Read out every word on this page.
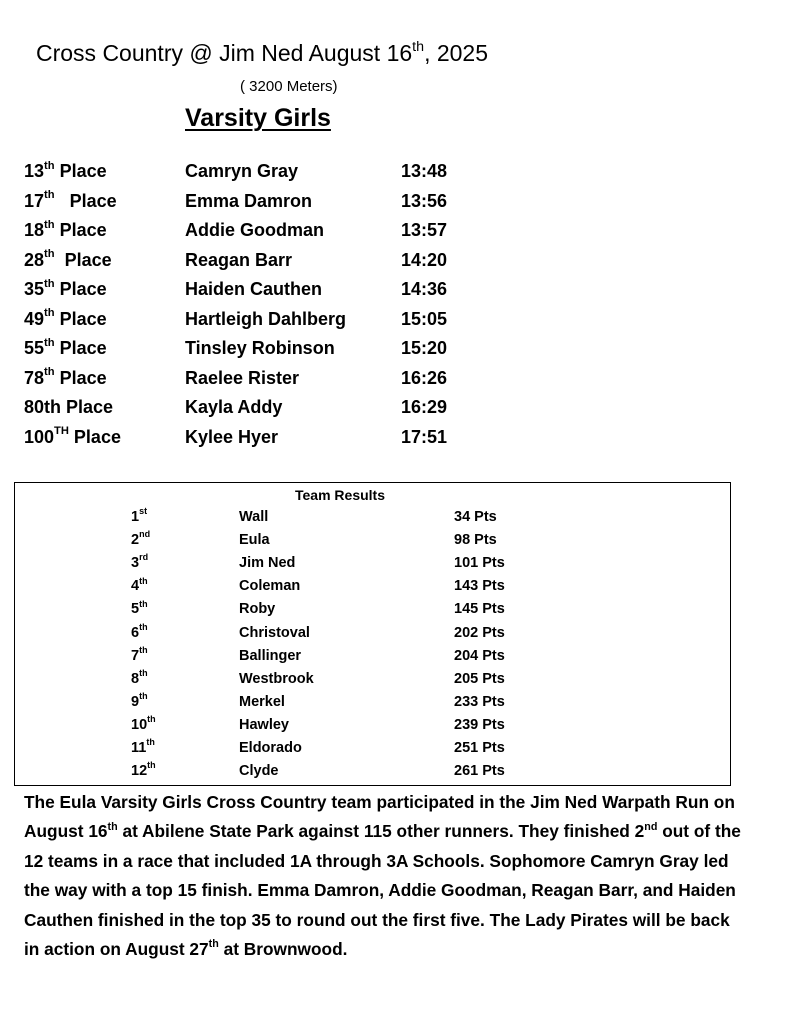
Cross Country @ Jim Ned August 16th, 2025
( 3200 Meters)
Varsity Girls
13th Place	Camryn Gray	13:48
17th   Place	Emma Damron	13:56
18th Place	Addie Goodman	13:57
28th  Place	Reagan Barr	14:20
35th Place	Haiden Cauthen	14:36
49th Place	Hartleigh Dahlberg	15:05
55th Place	Tinsley Robinson	15:20
78th Place	Raelee Rister	16:26
80th Place	Kayla Addy	16:29
100TH Place	Kylee Hyer	17:51
Team Results
1st	Wall	34 Pts
2nd	Eula	98 Pts
3rd	Jim Ned	101 Pts
4th	Coleman	143 Pts
5th	Roby	145 Pts
6th	Christoval	202 Pts
7th	Ballinger	204 Pts
8th	Westbrook	205 Pts
9th	Merkel	233 Pts
10th	Hawley	239 Pts
11th	Eldorado	251 Pts
12th	Clyde	261 Pts

The Eula Varsity Girls Cross Country team participated in the Jim Ned Warpath Run on August 16th at Abilene State Park against 115 other runners. They finished 2nd out of the 12 teams in a race that included 1A through 3A Schools. Sophomore Camryn Gray led the way with a top 15 finish. Emma Damron, Addie Goodman, Reagan Barr, and Haiden Cauthen finished in the top 35 to round out the first five. The Lady Pirates will be back in action on August 27th at Brownwood.
